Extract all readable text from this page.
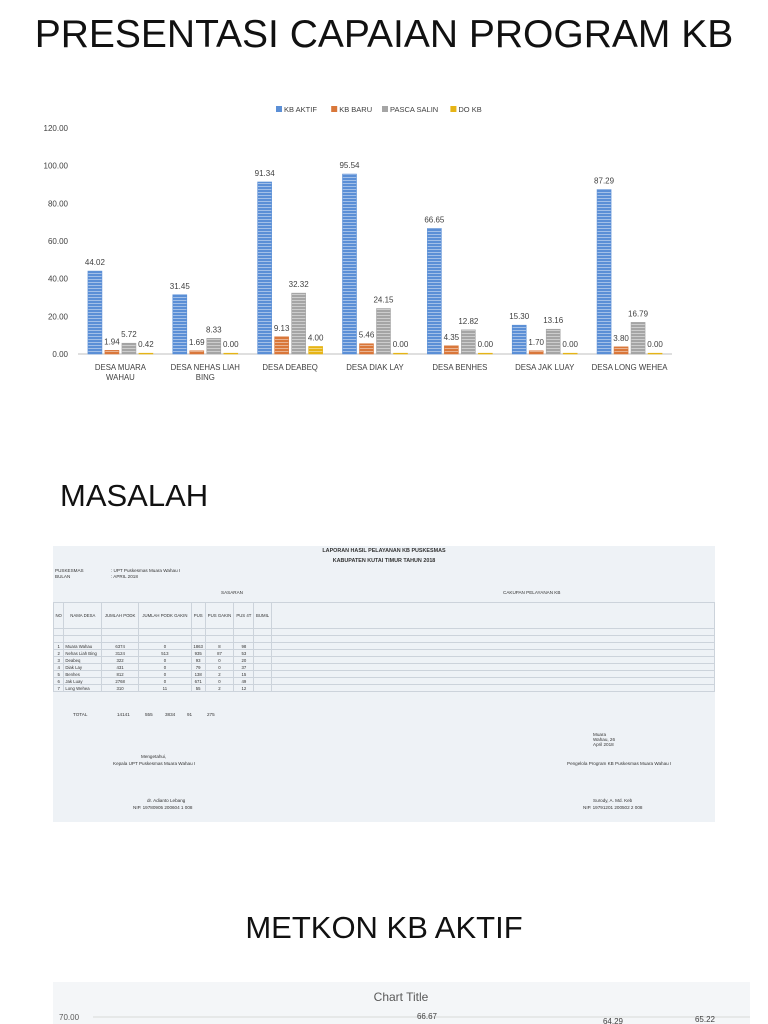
PRESENTASI CAPAIAN PROGRAM KB
KB AKTIF	KB BARU PASCA SALIN	DO KB
0.00
20.00
40.00
60.00
80.00
100.00
120.00
44.02
1.94
5.72
0.42
31.45
1.69
8.33
0.00
91.34
9.13
32.32
4.00
95.54
5.46
24.15
0.00
66.65
4.35
12.82
0.00
15.30
1.70
13.16
0.00
87.29
3.80
16.79
0.00
DESA MUARA WAHAU
DESA NEHAS LIAH BING
DESA DEABEQ	DESA DIAK LAY	DESA BENHES	DESA JAK LUAY DESA LONG WEHEA
MASALAH
LAPORAN HASIL PELAYANAN KB PUSKESMAS
KABUPATEN KUTAI TIMUR TAHUN 2018
PUSKESMAS	: UPT Puskesmas Muara Wahau I
BULAN	: APRIL 2018
SASARAN	CAKUPAN PELAYANAN KB
NO	NAMA DESA	JUMLAH PODK	JUMLAH PODK GAKIN	PUS	PUS GAKIN	PUS 4T	BUMIL	

1	Muara Wahau	6374	0	1863	8	98		
2	Nehas Liah Bing	3124	513	935	87	53		
3	Deabeq	322	0	93	0	20		
4	Diak Lay	431	0	79	0	37		
5	Benhes	812	0	138	2	15		
6	Jak Luay	2768	0	671	0	49		
7	Long Wehea	310	11	55	2	12		
TOTAL	14141	555	3834	91	275
Mengetahui,
Kepala UPT Puskesmas Muara Wahau I
Muara Wahau, 26 April 2018
Pengelola Program KB Puskesmas Muara Wahau I
dr. Adianto Lebang
NIP. 19780905 200604 1 008
Surody, A. Md. Keb
NIP. 19791201 200502 2 008
METKON KB AKTIF
Chart Title
70.00	66.67
64.29	65.22
